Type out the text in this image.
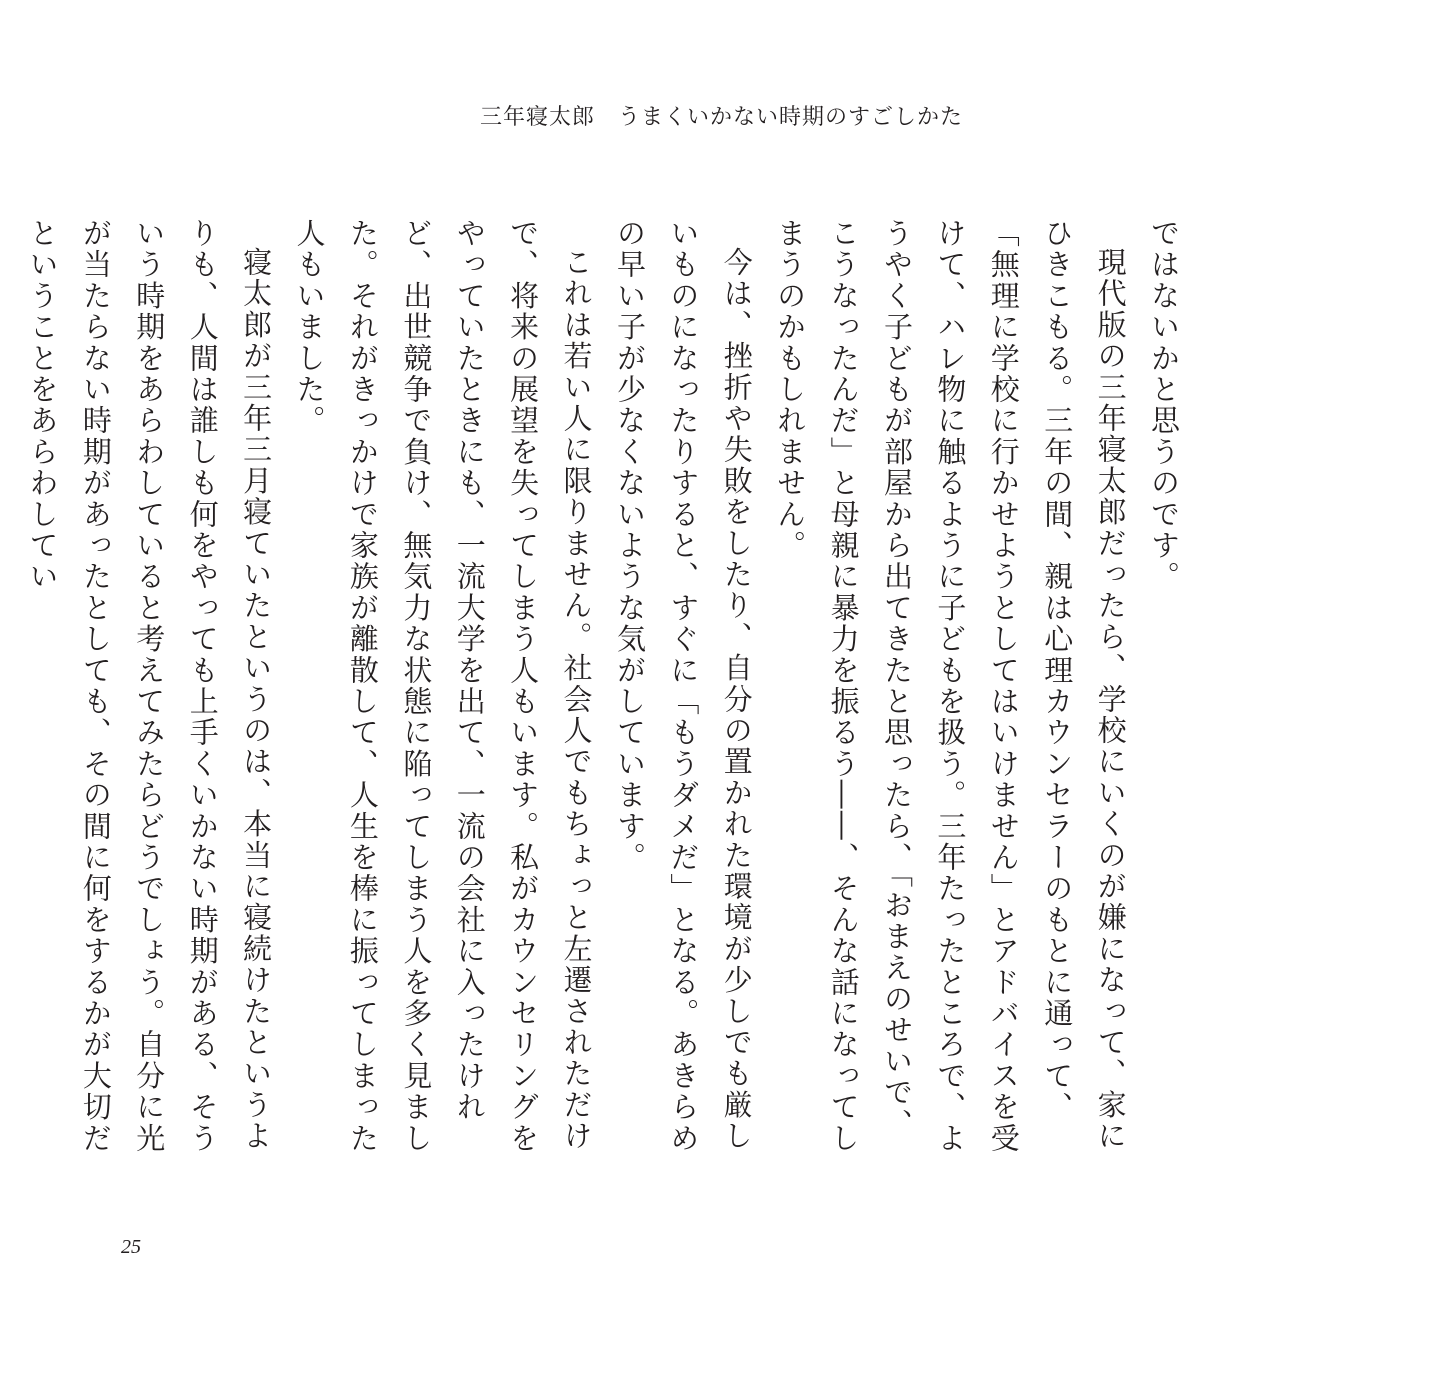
三年寝太郎　うまくいかない時期のすごしかた

ではないかと思うのです。

現代版の三年寝太郎だったら、学校にいくのが嫌になって、家にひきこもる。三年の間、親は心理カウンセラーのもとに通って、「無理に学校に行かせようとしてはいけません」とアドバイスを受けて、ハレ物に触るように子どもを扱う。三年たったところで、ようやく子どもが部屋から出てきたと思ったら、「おまえのせいで、こうなったんだ」と母親に暴力を振るう――、そんな話になってしまうのかもしれません。

今は、挫折や失敗をしたり、自分の置かれた環境が少しでも厳しいものになったりすると、すぐに「もうダメだ」となる。あきらめの早い子が少なくないような気がしています。

これは若い人に限りません。社会人でもちょっと左遷されただけで、将来の展望を失ってしまう人もいます。私がカウンセリングをやっていたときにも、一流大学を出て、一流の会社に入ったけれど、出世競争で負け、無気力な状態に陥ってしまう人を多く見ました。それがきっかけで家族が離散して、人生を棒に振ってしまった人もいました。

寝太郎が三年三月寝ていたというのは、本当に寝続けたというよりも、人間は誰しも何をやっても上手くいかない時期がある、そういう時期をあらわしていると考えてみたらどうでしょう。自分に光が当たらない時期があったとしても、その間に何をするかが大切だということをあらわしてい

25
